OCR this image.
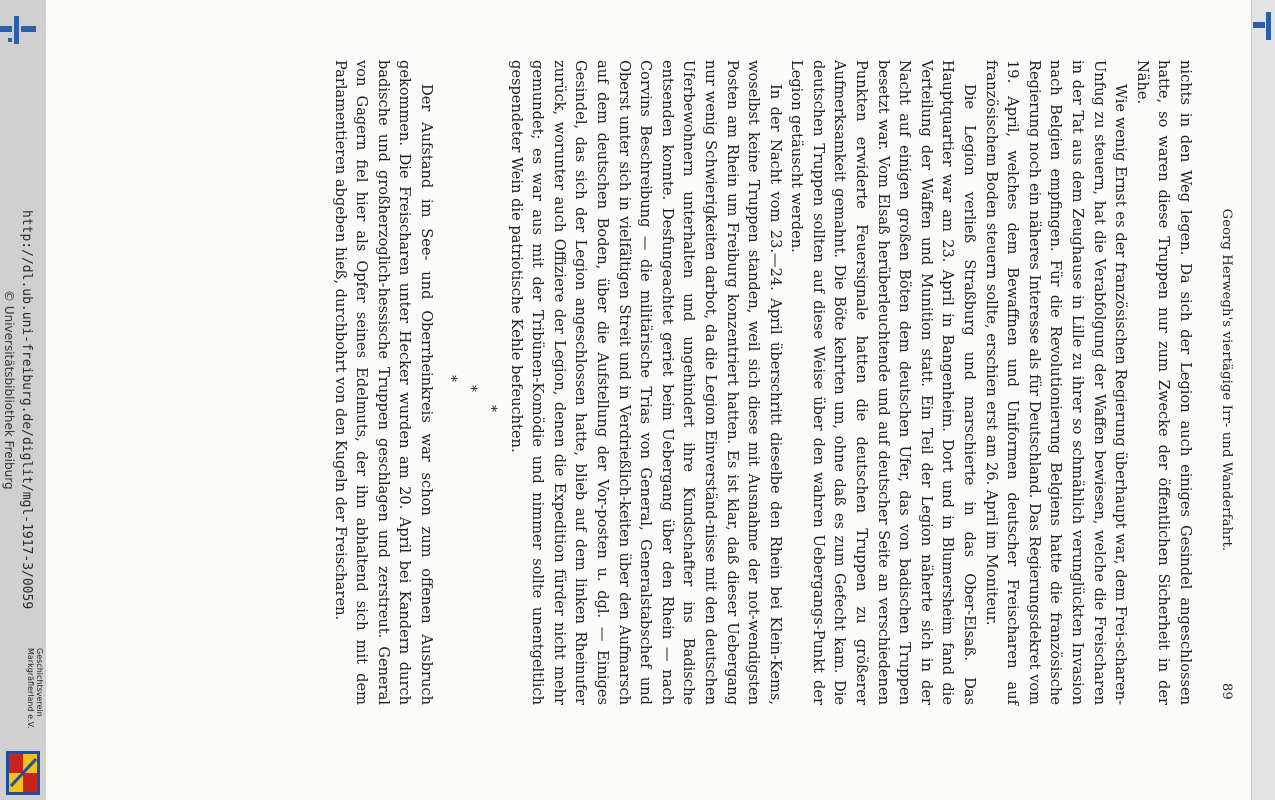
http://dl.ub.uni-freiburg.de/diglit/mgl-1917-3/0059
© Universitätsbibliothek Freiburg
Geschichtsverein
Markgräflerland e.V.
Georg Herwegh's viertägige Irr- und Wanderfahrt.
89

nichts in den Weg legen. Da sich der Legion auch einiges Gesindel angeschlossen hatte, so waren diese Truppen nur zum Zwecke der öffentlichen Sicherheit in der Nähe.

Wie wenig Ernst es der französischen Regierung überhaupt war, dem Frei-scharen-Unfug zu steuern, hat die Verabfolgung der Waffen bewiesen, welche die Freischaren in der Tat aus dem Zeughause in Lille zu ihrer so schmählich verunglückten Invasion nach Belgien empfingen. Für die Revolutionierung Belgiens hatte die französische Regierung noch ein näheres Interesse als für Deutschland. Das Regierungsdekret vom 19. April, welches dem Bewaffnen und Uniformen deutscher Freischaren auf französischem Boden steuern sollte, erschien erst am 26. April im Moniteur.

Die Legion verließ Straßburg und marschierte in das Ober-Elsaß. Das Hauptquartier war am 23. April in Bangenheim. Dort und in Blumersheim fand die Verteilung der Waffen und Munition statt. Ein Teil der Legion näherte sich in der Nacht auf einigen großen Böten dem deutschen Ufer, das von badischen Truppen besetzt war. Vom Elsaß herüberleuchtende und auf deutscher Seite an verschiedenen Punkten erwiderte Feuersignale hatten die deutschen Truppen zu größerer Aufmerksamkeit gemahnt. Die Böte kehrten um, ohne daß es zum Gefecht kam. Die deutschen Truppen sollten auf diese Weise über den wahren Uebergangs-Punkt der Legion getäuscht werden.

In der Nacht vom 23.—24. April überschritt dieselbe den Rhein bei Klein-Kems, woselbst keine Truppen standen, weil sich diese mit Ausnahme der not-wendigsten Posten am Rhein um Freiburg konzentriert hatten. Es ist klar, daß dieser Uebergang nur wenig Schwierigkeiten darbot, da die Legion Einverständ-nisse mit den deutschen Uferbewohnern unterhalten und ungehindert ihre Kundschafter ins Badische entsenden konnte. Desfungeachtet geriet beim Uebergang über den Rhein — nach Corvins Beschreibung — die militärische Trias von General, Generalstabschef und Oberst unter sich in vielfältigen Streit und in Verdrießlich-keiten über den Aufmarsch auf dem deutschen Boden, über die Aufstellung der Vor-posten u. dgl. — Einiges Gesindel, das sich der Legion angeschlossen hatte, blieb auf dem linken Rheinufer zurück, worunter auch Offiziere der Legion, denen die Expedition fürder nicht mehr gemundet; es war aus mit der Tribünen-Komödie und nimmer sollte unentgeltlich gespendeter Wein die patriotische Kehle befeuchten.

*
*
*

Der Aufstand im See- und Oberrheinkreis war schon zum offenen Ausbruch gekommen. Die Freischaren unter Hecker wurden am 20. April bei Kandern durch badische und großherzoglich-hessische Truppen geschlagen und zerstreut. General von Gagern fiel hier als Opfer seines Edelmuts, der ihn abhaltend sich mit dem Parlamentieren abgeben hieß, durchbohrt von den Kugeln der Freischaren.
